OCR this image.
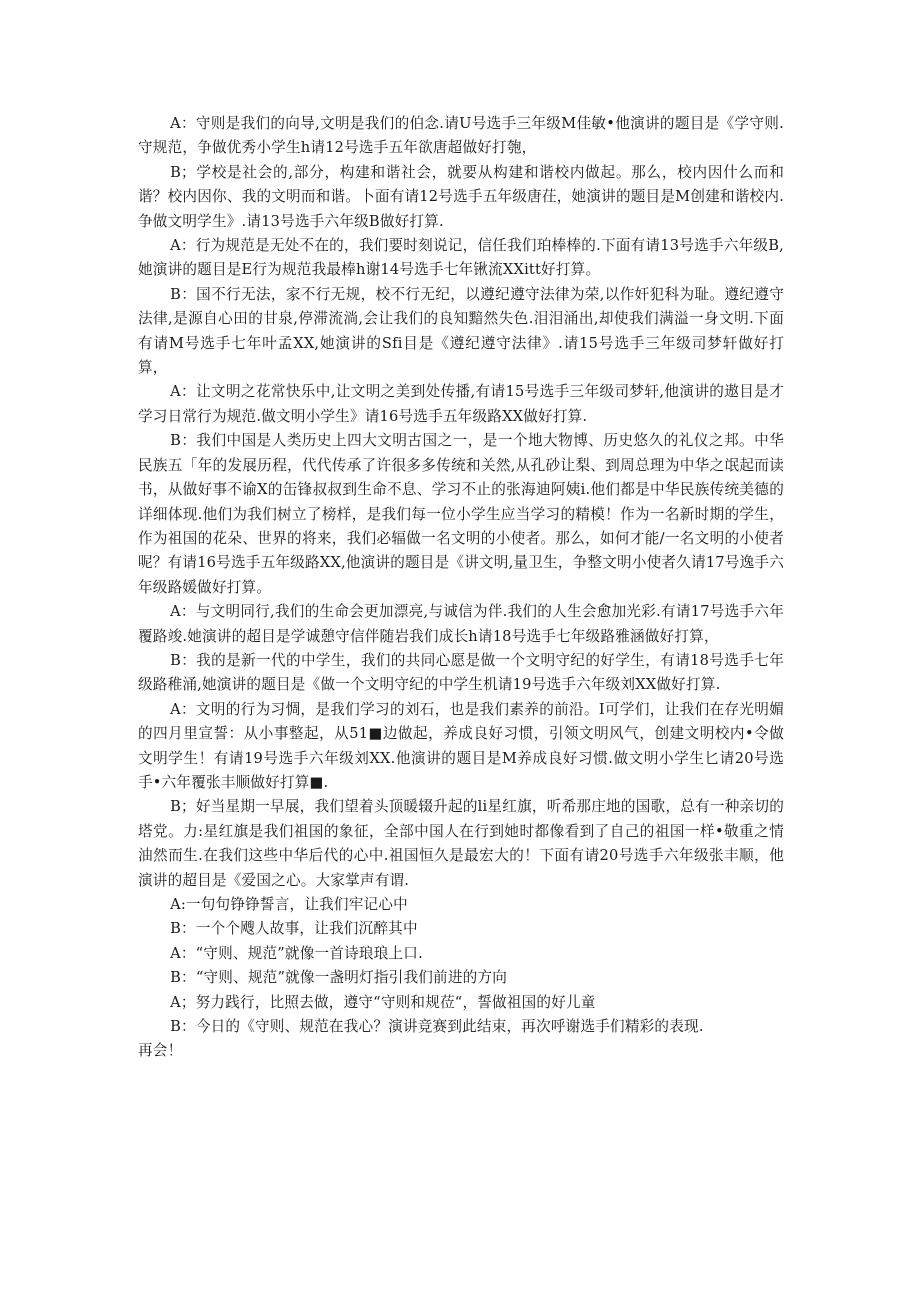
A：守则是我们的向导,文明是我们的伯念.请U号选手三年级M佳敏•他演讲的题目是《学守则.守规范，争做优秀小学生h请12号选手五年欲唐超做好打匏，

B；学校是社会的,部分，构建和谐社会，就要从构建和谐校内做起。那么，校内因什么而和谐？校内因你、我的文明而和谐。卜面有请12号选手五年级唐茌，她演讲的题目是M创建和谐校内.争做文明学生》.请13号选手六年级B做好打算.

A：行为规范是无处不在的，我们要时刻说记，信任我们珀棒棒的.下面有请13号选手六年级B,她演讲的题目是E行为规范我最棒h谢14号选手七年锹流XXitt好打算。

B：国不行无法，家不行无规，校不行无纪，以遵纪遵守法律为荣,以作奸犯科为耻。遵纪遵守法律,是源自心田的甘泉,停滞流淌,会让我们的良知黯然失色.泪泪涌出,却使我们满溢一身文明.下面有请M号选手七年叶孟XX,她演讲的Sfi目是《遵纪遵守法律》.请15号选手三年级司梦轩做好打算，

A：让文明之花常快乐中,让文明之美到处传播,有请15号选手三年级司梦轩,他演讲的遨目是才学习日常行为规范.做文明小学生》请16号选手五年级路XX做好打算.

B：我们中国是人类历史上四大文明古国之一，是一个地大物博、历史悠久的礼仪之邦。中华民族五「年的发展历程，代代传承了许很多多传统和关然,从孔砂让梨、到周总理为中华之氓起而读书，从做好事不谕X的缶锋叔叔到生命不息、学习不止的张海迪阿姨i.他们都是中华民族传统美德的详细体现.他们为我们树立了榜样，是我们每一位小学生应当学习的精模！作为一名新时期的学生，作为祖国的花朵、世界的将来，我们必辐做一名文明的小使者。那么，如何才能/一名文明的小使者呢？有请16号选手五年级路XX,他演讲的题目是《讲文明,量卫生，争整文明小使者久请17号逸手六年级路媛做好打算。

A：与文明同行,我们的生命会更加漂亮,与诚信为伴.我们的人生会愈加光彩.有请17号选手六年覆路竣.她演讲的超目是学诚憩守信伴随岩我们成长h请18号选手七年级路雅涵做好打算，

B：我的是新一代的中学生，我们的共同心愿是做一个文明守纪的好学生，有请18号选手七年级路稚涌,她演讲的题目是《做一个文明守纪的中学生机请19号选手六年级刘XX做好打算.

A：文明的行为习惆，是我们学习的刘石，也是我们素养的前沿。I可学们，让我们在存光明媚的四月里宣誓：从小事整起，从51■边做起，养成良好习惯，引领文明风气，创建文明校内•令做文明学生！有请19号选手六年级刘XX.他演讲的题目是M养成良好习惯.做文明小学生匕请20号选手•六年覆张丰顺做好打算■.

B；好当星期一早展，我们望着头顶暖辍升起的li星红旗，听希那庄地的国歌，总有一种亲切的塔党。力:星红旗是我们祖国的象征，全部中国人在行到她时都像看到了自己的祖国一样•敬重之情油然而生.在我们这些中华后代的心中.祖国恒久是最宏大的！下面有请20号选手六年级张丰顺，他演讲的超目是《爱国之心。大家掌声有谓.

A:一句句铮铮誓言，让我们牢记心中

B：一个个飕人故事，让我们沉醉其中

A：“守则、规范”就像一首诗琅琅上口.

B：“守则、规范”就像一盏明灯指引我们前进的方向

A；努力践行，比照去做，遵守“守则和规莅“，誓做祖国的好儿童

B：今日的《守则、规范在我心？演讲竞赛到此结束，再次呼谢选手们精彩的表现.

再会！
